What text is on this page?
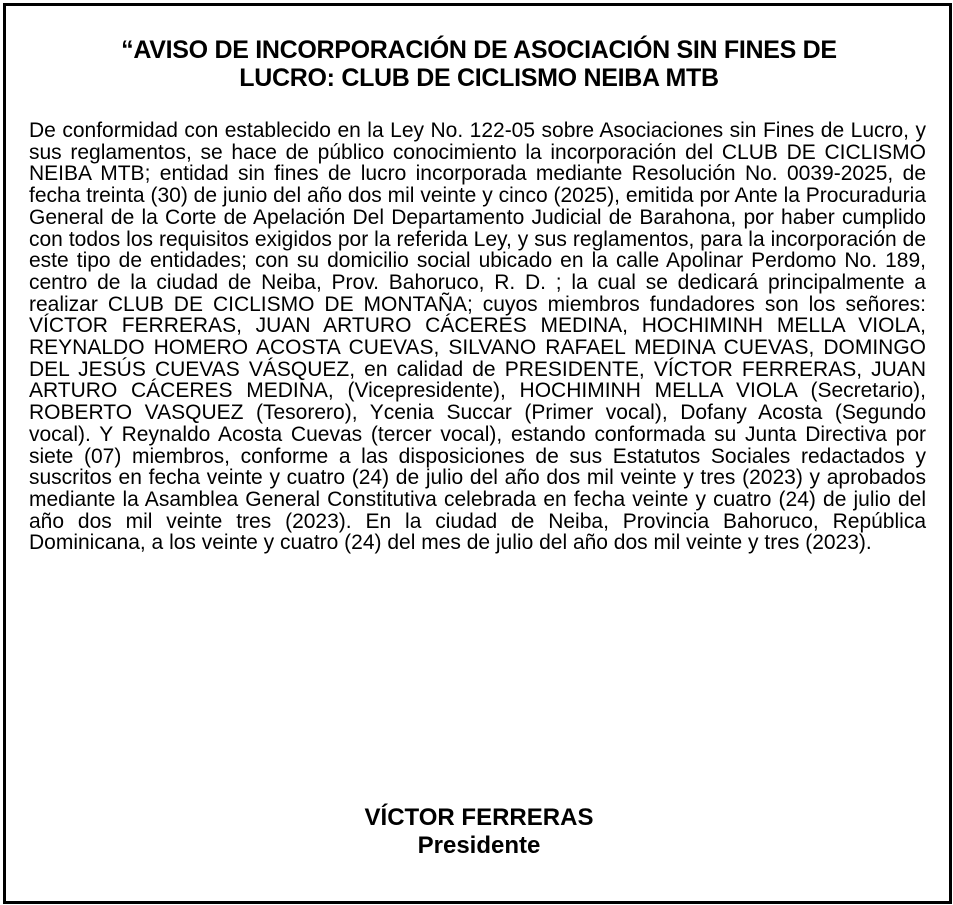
“AVISO DE INCORPORACIÓN DE ASOCIACIÓN SIN FINES DE
LUCRO: CLUB DE CICLISMO NEIBA MTB

De conformidad con establecido en la Ley No. 122-05 sobre Asociaciones sin Fines de Lucro, y sus reglamentos, se hace de público conocimiento la incorporación del CLUB DE CICLISMO NEIBA MTB; entidad sin fines de lucro incorporada mediante Resolución No. 0039-2025, de fecha treinta (30) de junio del año dos mil veinte y cinco (2025), emitida por Ante la Procuraduria General de la Corte de Apelación Del Departamento Judicial de Barahona, por haber cumplido con todos los requisitos exigidos por la referida Ley, y sus reglamentos, para la incorporación de este tipo de entidades; con su domicilio social ubicado en la calle Apolinar Perdomo No. 189, centro de la ciudad de Neiba, Prov. Bahoruco, R. D. ; la cual se dedicará principalmente a realizar CLUB DE CICLISMO DE MONTAÑA; cuyos miembros fundadores son los señores: VÍCTOR FERRERAS, JUAN ARTURO CÁCERES MEDINA, HOCHIMINH MELLA VIOLA, REYNALDO HOMERO ACOSTA CUEVAS, SILVANO RAFAEL MEDINA CUEVAS, DOMINGO DEL JESÚS CUEVAS VÁSQUEZ, en calidad de PRESIDENTE, VÍCTOR FERRERAS, JUAN ARTURO CÁCERES MEDINA, (Vicepresidente), HOCHIMINH MELLA VIOLA (Secretario), ROBERTO VASQUEZ (Tesorero), Ycenia Succar (Primer vocal), Dofany Acosta (Segundo vocal). Y Reynaldo Acosta Cuevas (tercer vocal), estando conformada su Junta Directiva por siete (07) miembros, conforme a las disposiciones de sus Estatutos Sociales redactados y suscritos en fecha veinte y cuatro (24) de julio del año dos mil veinte y tres (2023) y aprobados mediante la Asamblea General Constitutiva celebrada en fecha veinte y cuatro (24) de julio del año dos mil veinte tres (2023). En la ciudad de Neiba, Provincia Bahoruco, República Dominicana, a los veinte y cuatro (24) del mes de julio del año dos mil veinte y tres (2023).

VÍCTOR FERRERAS
Presidente
